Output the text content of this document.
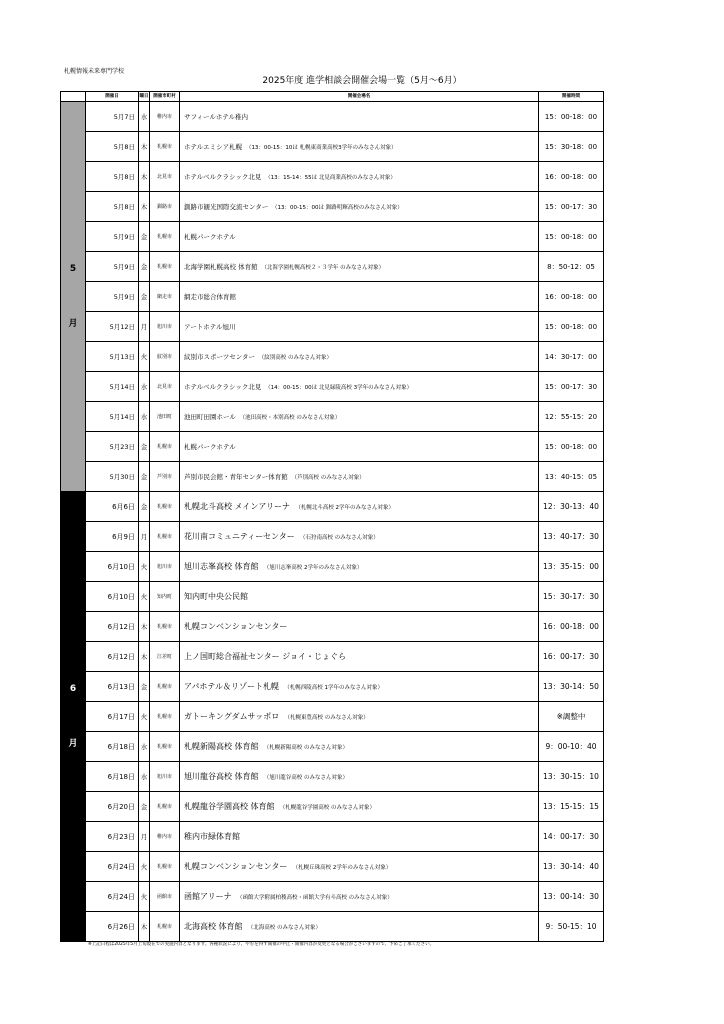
札幌情報未来専門学校
2025年度 進学相談会開催会場一覧（5月～6月）
	開催日	曜日	開催市町村	開催会場名	開催時間

5
月	5月7日	水	稚内市	サフィールホテル稚内	15：00-18：00
	5月8日	木	札幌市	ホテルエミシア札幌　 （13：00-15：10は 札幌東商業高校3学年のみなさん対象）	15：30-18：00
	5月8日	木	北見市	ホテルベルクラシック北見　 （13：15-14：55は 北見商業高校のみなさん対象）	16：00-18：00
	5月8日	木	釧路市	釧路市観光国際交流センター　 （13：00-15：00は 釧路明輝高校のみなさん対象）	15：00-17：30
	5月9日	金	札幌市	札幌パークホテル	15：00-18：00
	5月9日	金	札幌市	北海学園札幌高校 体育館　 （北海学園札幌高校２・３学年 のみなさん対象）	8：50-12：05
	5月9日	金	網走市	網走市総合体育館	16：00-18：00
	5月12日	月	旭川市	アートホテル旭川	15：00-18：00
	5月13日	火	紋別市	紋別市スポーツセンター　 （紋別高校 のみなさん対象）	14：30-17：00
	5月14日	水	北見市	ホテルベルクラシック北見　 （14：00-15：00は 北見緑陵高校 3学年のみなさん対象）	15：00-17：30
	5月14日	水	池田町	池田町田園ホール　 （池田高校・本別高校 のみなさん対象）	12：55-15：20
	5月23日	金	札幌市	札幌パークホテル	15：00-18：00
	5月30日	金	芦別市	芦別市民会館・青年センター体育館　 （芦別高校 のみなさん対象）	13：40-15：05

6
月	6月6日	金	札幌市	札幌北斗高校 メインアリーナ　 （札幌北斗高校 2学年のみなさん対象）	12：30-13：40
	6月9日	月	札幌市	花川南コミュニティーセンター　 （石狩南高校 のみなさん対象）	13：40-17：30
	6月10日	火	旭川市	旭川志峯高校 体育館　 （旭川志峯高校 2学年のみなさん対象）	13：35-15：00
	6月10日	火	知内町	知内町中央公民館	15：30-17：30
	6月12日	木	札幌市	札幌コンベンションセンター	16：00-18：00
	6月12日	木	江差町	上ノ国町総合福祉センター ジョイ・じょぐら	16：00-17：30
	6月13日	金	札幌市	アパホテル＆リゾート札幌　 （札幌西陵高校 1学年のみなさん対象）	13：30-14：50
	6月17日	火	札幌市	ガトーキングダムサッポロ　 （札幌東豊高校 のみなさん対象）	※調整中
	6月18日	水	札幌市	札幌新陽高校 体育館　 （札幌新陽高校 のみなさん対象）	9：00-10：40
	6月18日	水	旭川市	旭川龍谷高校 体育館　 （旭川龍谷高校 のみなさん対象）	13：30-15：10
	6月20日	金	札幌市	札幌龍谷学園高校 体育館　 （札幌龍谷学園高校 のみなさん対象）	13：15-15：15
	6月23日	月	稚内市	稚内市緑体育館	14：00-17：30
	6月24日	火	札幌市	札幌コンベンションセンター　 （札幌丘珠高校 2学年のみなさん対象）	13：30-14：40
	6月24日	火	函館市	函館アリーナ　 （函館大学附属柏稜高校・函館大学有斗高校 のみなさん対象）	13：00-14：30
	6月26日	木	札幌市	北海高校 体育館　 （北海高校 のみなさん対象）	9：50-15：10
※上記日程は2025年5月上旬現在での実施内容となります。各種状況により、やむを得ず開催の中止・開催内容が変更となる場合がございますので、予めご了承ください。
